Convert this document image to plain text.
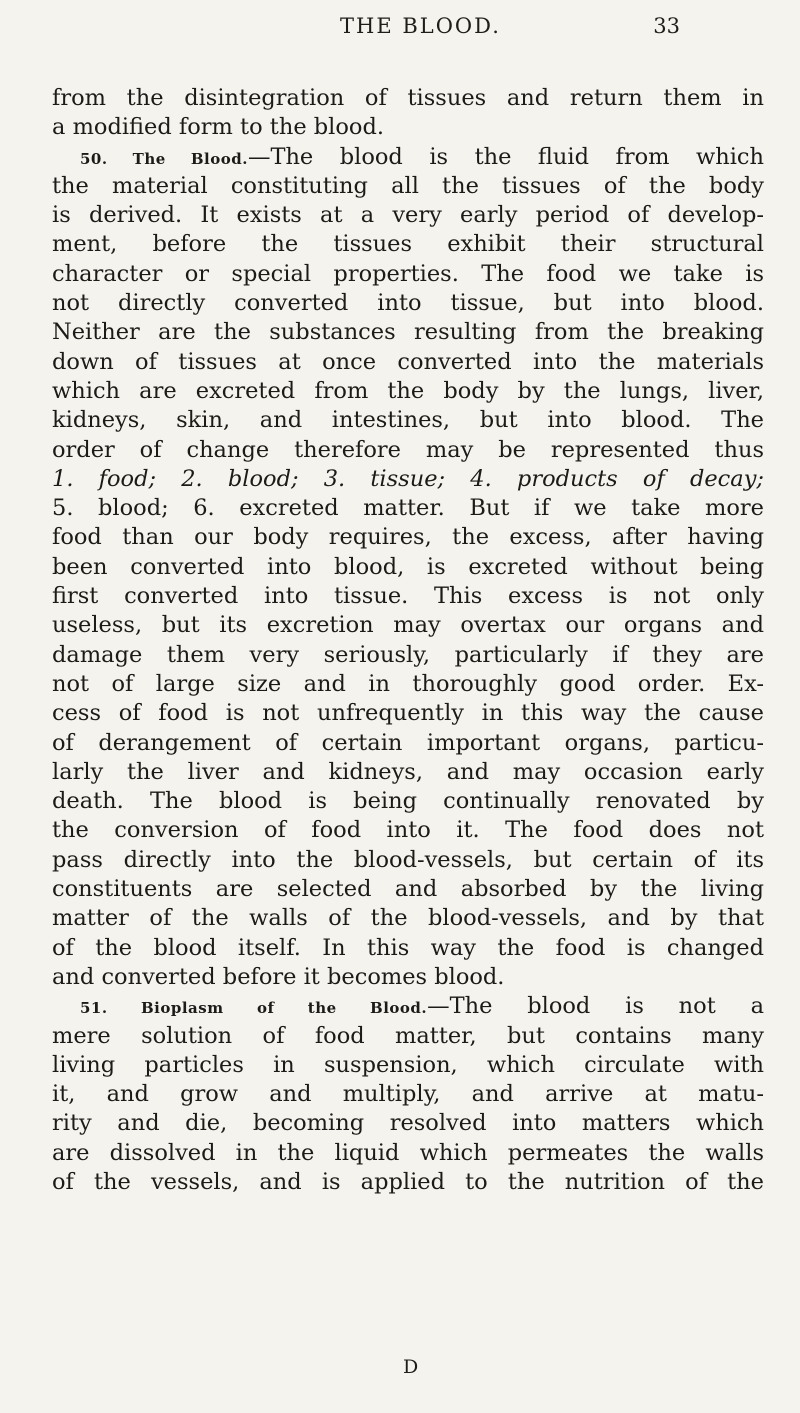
THE BLOOD.	33
from the disintegration of tissues and return them in
a modified form to the blood.
50. The Blood.—The blood is the fluid from which
the material constituting all the tissues of the body
is derived. It exists at a very early period of develop-
ment, before the tissues exhibit their structural
character or special properties. The food we take is
not directly converted into tissue, but into blood.
Neither are the substances resulting from the breaking
down of tissues at once converted into the materials
which are excreted from the body by the lungs, liver,
kidneys, skin, and intestines, but into blood. The
order of change therefore may be represented thus
1. food; 2. blood; 3. tissue; 4. products of decay;
5. blood; 6. excreted matter. But if we take more
food than our body requires, the excess, after having
been converted into blood, is excreted without being
first converted into tissue. This excess is not only
useless, but its excretion may overtax our organs and
damage them very seriously, particularly if they are
not of large size and in thoroughly good order. Ex-
cess of food is not unfrequently in this way the cause
of derangement of certain important organs, particu-
larly the liver and kidneys, and may occasion early
death. The blood is being continually renovated by
the conversion of food into it. The food does not
pass directly into the blood-vessels, but certain of its
constituents are selected and absorbed by the living
matter of the walls of the blood-vessels, and by that
of the blood itself. In this way the food is changed
and converted before it becomes blood.
51. Bioplasm of the Blood.—The blood is not a
mere solution of food matter, but contains many
living particles in suspension, which circulate with
it, and grow and multiply, and arrive at matu-
rity and die, becoming resolved into matters which
are dissolved in the liquid which permeates the walls
of the vessels, and is applied to the nutrition of the
D
